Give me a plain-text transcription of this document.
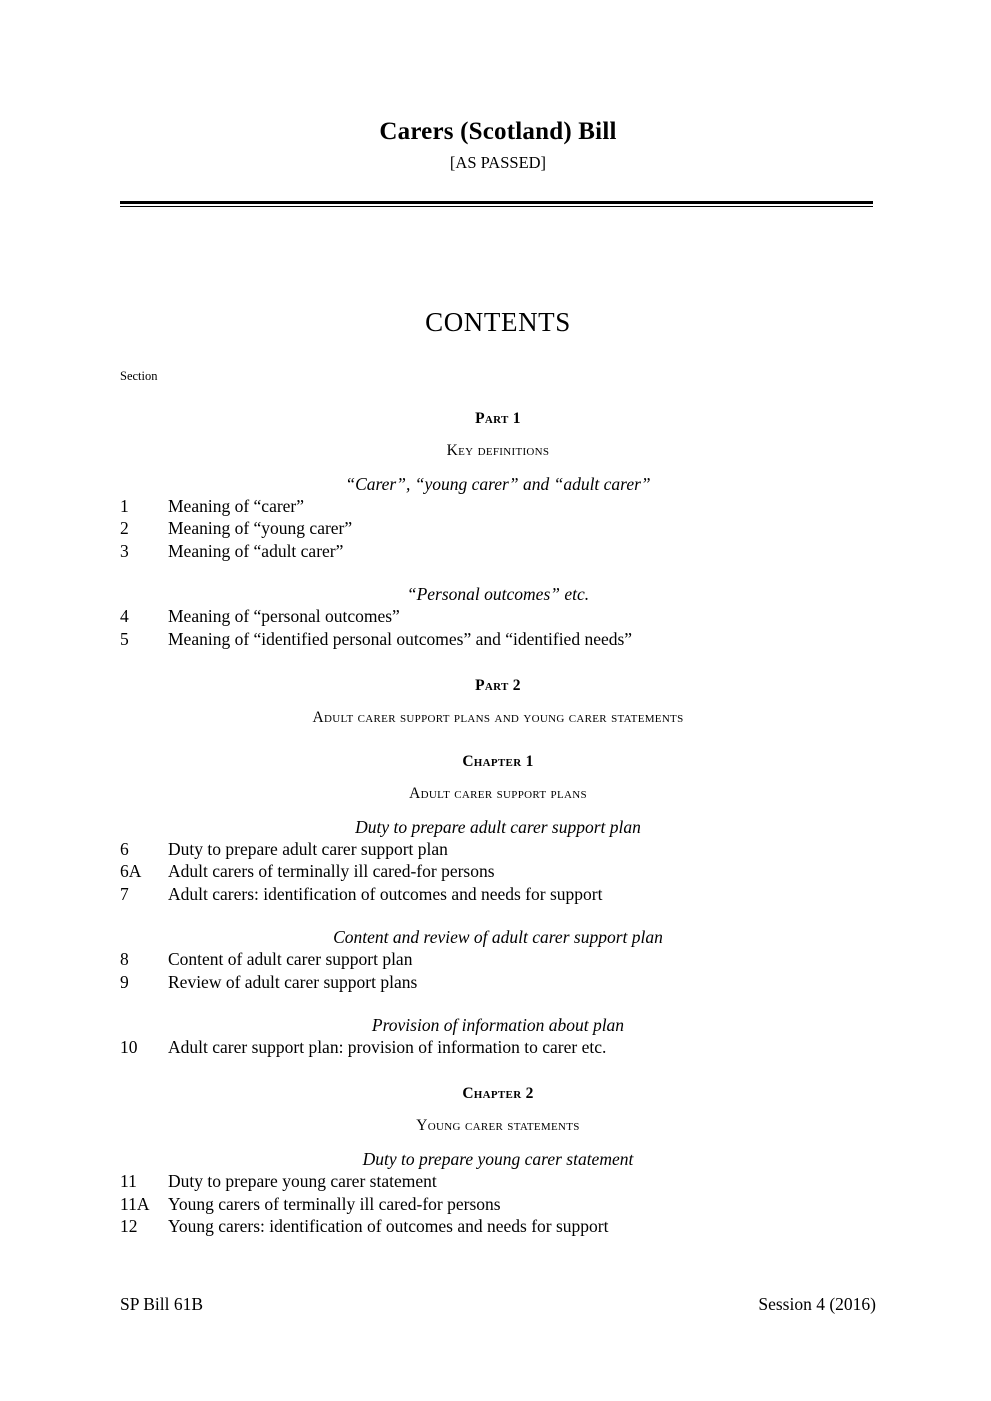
Carers (Scotland) Bill
[AS PASSED]
CONTENTS
Section
Part 1
Key definitions
“Carer”, “young carer” and “adult carer”
1 Meaning of “carer”
2 Meaning of “young carer”
3 Meaning of “adult carer”
“Personal outcomes” etc.
4 Meaning of “personal outcomes”
5 Meaning of “identified personal outcomes” and “identified needs”
Part 2
Adult carer support plans and young carer statements
Chapter 1
Adult carer support plans
Duty to prepare adult carer support plan
6 Duty to prepare adult carer support plan
6A Adult carers of terminally ill cared-for persons
7 Adult carers: identification of outcomes and needs for support
Content and review of adult carer support plan
8 Content of adult carer support plan
9 Review of adult carer support plans
Provision of information about plan
10 Adult carer support plan: provision of information to carer etc.
Chapter 2
Young carer statements
Duty to prepare young carer statement
11 Duty to prepare young carer statement
11A Young carers of terminally ill cared-for persons
12 Young carers: identification of outcomes and needs for support
SP Bill 61B	Session 4 (2016)
